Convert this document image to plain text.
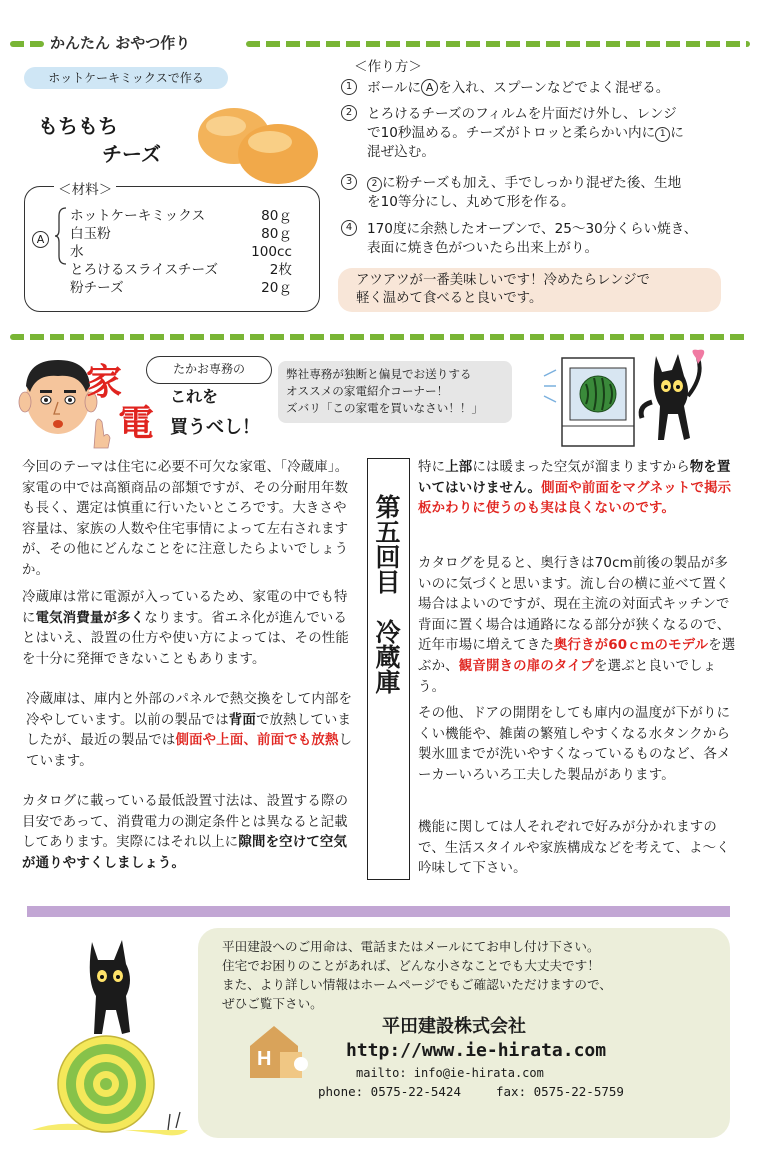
かんたん おやつ作り
ホットケーキミックスで作る
もちもち
チーズ
＜材料＞
A
ホットケーキミックス	80ｇ
白玉粉	80ｇ
水	100cc
とろけるスライスチーズ	2枚
粉チーズ	20ｇ
＜作り方＞
1	ボールに A を入れ、スプーンなどでよく混ぜる。
2	とろけるチーズのフィルムを片面だけ外し、レンジ
で10秒温める。チーズがトロッと柔らかい内に 1 に
混ぜ込む。
3	2 に粉チーズも加え、手でしっかり混ぜた後、生地
を10等分にし、丸めて形を作る。
4	170度に余熱したオーブンで、25～30分くらい焼き、
表面に焼き色がついたら出来上がり。
アツアツが一番美味しいです！冷めたらレンジで
軽く温めて食べると良いです。
たかお専務の
家
電
これを
買うべし！
弊社専務が独断と偏見でお送りする
オススメの家電紹介コーナー！
ズバリ「この家電を買いなさい！！」
今回のテーマは住宅に必要不可欠な家電、「冷蔵庫」。家電の中では高額商品の部類ですが、その分耐用年数も長く、選定は慎重に行いたいところです。大きさや容量は、家族の人数や住宅事情によって左右されますが、その他にどんなことをに注意したらよいでしょうか。
冷蔵庫は常に電源が入っているため、家電の中でも特に電気消費量が多くなります。省エネ化が進んでいるとはいえ、設置の仕方や使い方によっては、その性能を十分に発揮できないこともあります。
冷蔵庫は、庫内と外部のパネルで熱交換をして内部を冷やしています。以前の製品では背面で放熱していましたが、最近の製品では側面や上面、前面でも放熱しています。
カタログに載っている最低設置寸法は、設置する際の目安であって、消費電力の測定条件とは異なると記載してあります。実際にはそれ以上に隙間を空けて空気が通りやすくしましょう。
第五回目　冷蔵庫
特に上部には暖まった空気が溜まりますから物を置いてはいけません。側面や前面をマグネットで掲示板かわりに使うのも実は良くないのです。
カタログを見ると、奥行きは70cm前後の製品が多いのに気づくと思います。流し台の横に並べて置く場合はよいのですが、現在主流の対面式キッチンで背面に置く場合は通路になる部分が狭くなるので、近年市場に増えてきた奥行きが60ｃｍのモデルを選ぶか、観音開きの扉のタイプを選ぶと良いでしょう。
その他、ドアの開閉をしても庫内の温度が下がりにくい機能や、雑菌の繁殖しやすくなる水タンクから製氷皿までが洗いやすくなっているものなど、各メーカーいろいろ工夫した製品があります。
機能に関しては人それぞれで好みが分かれますので、生活スタイルや家族構成などを考えて、よ～く吟味して下さい。
平田建設へのご用命は、電話またはメールにてお申し付け下さい。
住宅でお困りのことがあれば、どんな小さなことでも大丈夫です！
また、より詳しい情報はホームページでもご確認いただけますので、
ぜひご覧下さい。
平田建設株式会社
http://www.ie-hirata.com
mailto: info@ie-hirata.com
phone: 0575-22-5424	fax: 0575-22-5759
H
